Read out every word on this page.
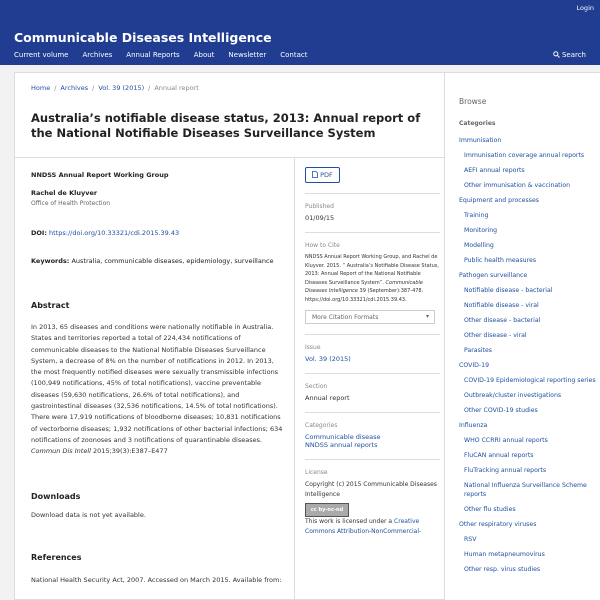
Login
Communicable Diseases Intelligence
Current volume Archives Annual Reports About Newsletter Contact	Search
Home / Archives / Vol. 39 (2015) / Annual report
Australia’s notifiable disease status, 2013: Annual report of the National Notifiable Diseases Surveillance System
NNDSS Annual Report Working Group
Rachel de Kluyver
Office of Health Protection
DOI: https://doi.org/10.33321/cdi.2015.39.43
Keywords: Australia, communicable diseases, epidemiology, surveillance
Abstract
In 2013, 65 diseases and conditions were nationally notifiable in Australia. States and territories reported a total of 224,434 notifications of communicable diseases to the National Notifiable Diseases Surveillance System, a decrease of 8% on the number of notifications in 2012. In 2013, the most frequently notified diseases were sexually transmissible infections (100,949 notifications, 45% of total notifications), vaccine preventable diseases (59,630 notifications, 26.6% of total notifications), and gastrointestinal diseases (32,536 notifications, 14.5% of total notifications). There were 17,919 notifications of bloodborne diseases; 10,831 notifications of vectorborne diseases; 1,932 notifications of other bacterial infections; 634 notifications of zoonoses and 3 notifications of quarantinable diseases. Commun Dis Intell 2015;39(3):E387–E477
Downloads
Download data is not yet available.
References
National Health Security Act, 2007. Accessed on March 2015. Available from:
PDF
Published
01/09/15
How to Cite
NNDSS Annual Report Working Group, and Rachel de Kluyver. 2015. “ Australia’s Notifiable Disease Status, 2013: Annual Report of the National Notifiable Diseases Surveillance System”. Communicable Diseases Intelligence 39 (September):387-478. https://doi.org/10.33321/cdi.2015.39.43.
More Citation Formats	▾
Issue
Vol. 39 (2015)
Section
Annual report
Categories
Communicable disease
NNDSS annual reports
License
Copyright (c) 2015 Communicable Diseases Intelligence
cc by-nc-nd
This work is licensed under a Creative Commons Attribution-NonCommercial-
Browse
Categories
Immunisation
Immunisation coverage annual reports
AEFI annual reports
Other immunisation & vaccination
Equipment and processes
Training
Monitoring
Modelling
Public health measures
Pathogen surveillance
Notifiable disease - bacterial
Notifiable disease - viral
Other disease - bacterial
Other disease - viral
Parasites
COVID-19
COVID-19 Epidemiological reporting series
Outbreak/cluster investigations
Other COVID-19 studies
Influenza
WHO CCRRI annual reports
FluCAN annual reports
FluTracking annual reports
National Influenza Surveillance Scheme reports
Other flu studies
Other respiratory viruses
RSV
Human metapneumovirus
Other resp. virus studies
